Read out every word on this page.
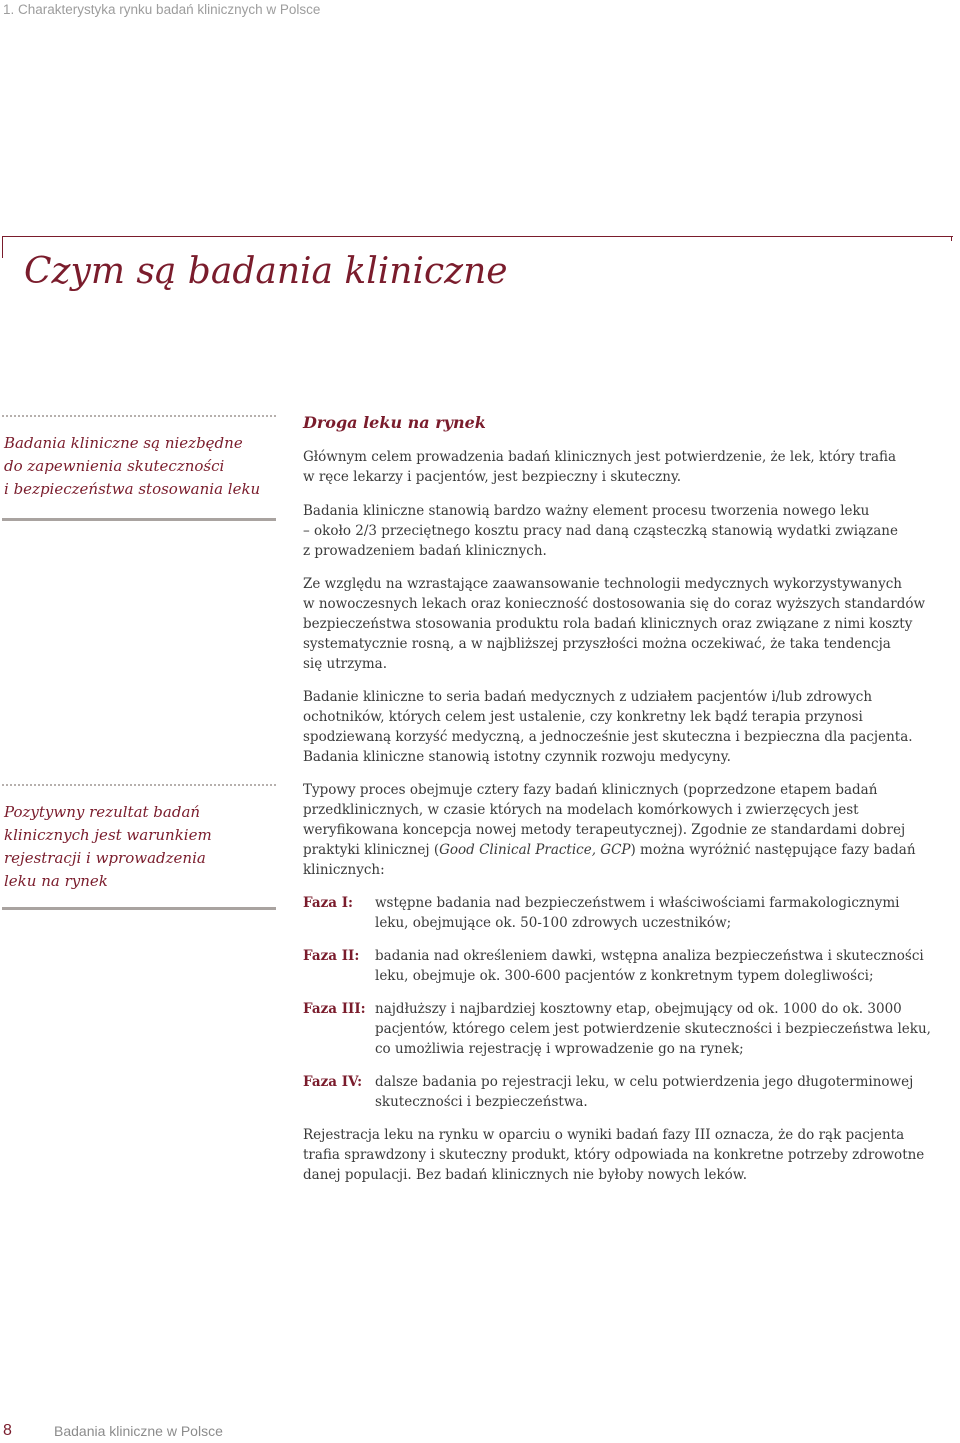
1. Charakterystyka rynku badań klinicznych w Polsce
Czym są badania kliniczne
Badania kliniczne są niezbędne
do zapewnienia skuteczności
i bezpieczeństwa stosowania leku
Pozytywny rezultat badań
klinicznych jest warunkiem
rejestracji i wprowadzenia
leku na rynek
Droga leku na rynek
Głównym celem prowadzenia badań klinicznych jest potwierdzenie, że lek, który trafia
w ręce lekarzy i pacjentów, jest bezpieczny i skuteczny.
Badania kliniczne stanowią bardzo ważny element procesu tworzenia nowego leku
– około 2/3 przeciętnego kosztu pracy nad daną cząsteczką stanowią wydatki związane
z prowadzeniem badań klinicznych.
Ze względu na wzrastające zaawansowanie technologii medycznych wykorzystywanych
w nowoczesnych lekach oraz konieczność dostosowania się do coraz wyższych standardów
bezpieczeństwa stosowania produktu rola badań klinicznych oraz związane z nimi koszty
systematycznie rosną, a w najbliższej przyszłości można oczekiwać, że taka tendencja
się utrzyma.
Badanie kliniczne to seria badań medycznych z udziałem pacjentów i/lub zdrowych
ochotników, których celem jest ustalenie, czy konkretny lek bądź terapia przynosi
spodziewaną korzyść medyczną, a jednocześnie jest skuteczna i bezpieczna dla pacjenta.
Badania kliniczne stanowią istotny czynnik rozwoju medycyny.
Typowy proces obejmuje cztery fazy badań klinicznych (poprzedzone etapem badań
przedklinicznych, w czasie których na modelach komórkowych i zwierzęcych jest
weryfikowana koncepcja nowej metody terapeutycznej). Zgodnie ze standardami dobrej
praktyki klinicznej (Good Clinical Practice, GCP) można wyróżnić następujące fazy badań
klinicznych:
Faza I:	wstępne badania nad bezpieczeństwem i właściwościami farmakologicznymi
leku, obejmujące ok. 50-100 zdrowych uczestników;
Faza II:	badania nad określeniem dawki, wstępna analiza bezpieczeństwa i skuteczności
leku, obejmuje ok. 300-600 pacjentów z konkretnym typem dolegliwości;
Faza III: najdłuższy i najbardziej kosztowny etap, obejmujący od ok. 1000 do ok. 3000
pacjentów, którego celem jest potwierdzenie skuteczności i bezpieczeństwa leku,
co umożliwia rejestrację i wprowadzenie go na rynek;
Faza IV: dalsze badania po rejestracji leku, w celu potwierdzenia jego długoterminowej
skuteczności i bezpieczeństwa.
Rejestracja leku na rynku w oparciu o wyniki badań fazy III oznacza, że do rąk pacjenta
trafia sprawdzony i skuteczny produkt, który odpowiada na konkretne potrzeby zdrowotne
danej populacji. Bez badań klinicznych nie byłoby nowych leków.
8	Badania kliniczne w Polsce
